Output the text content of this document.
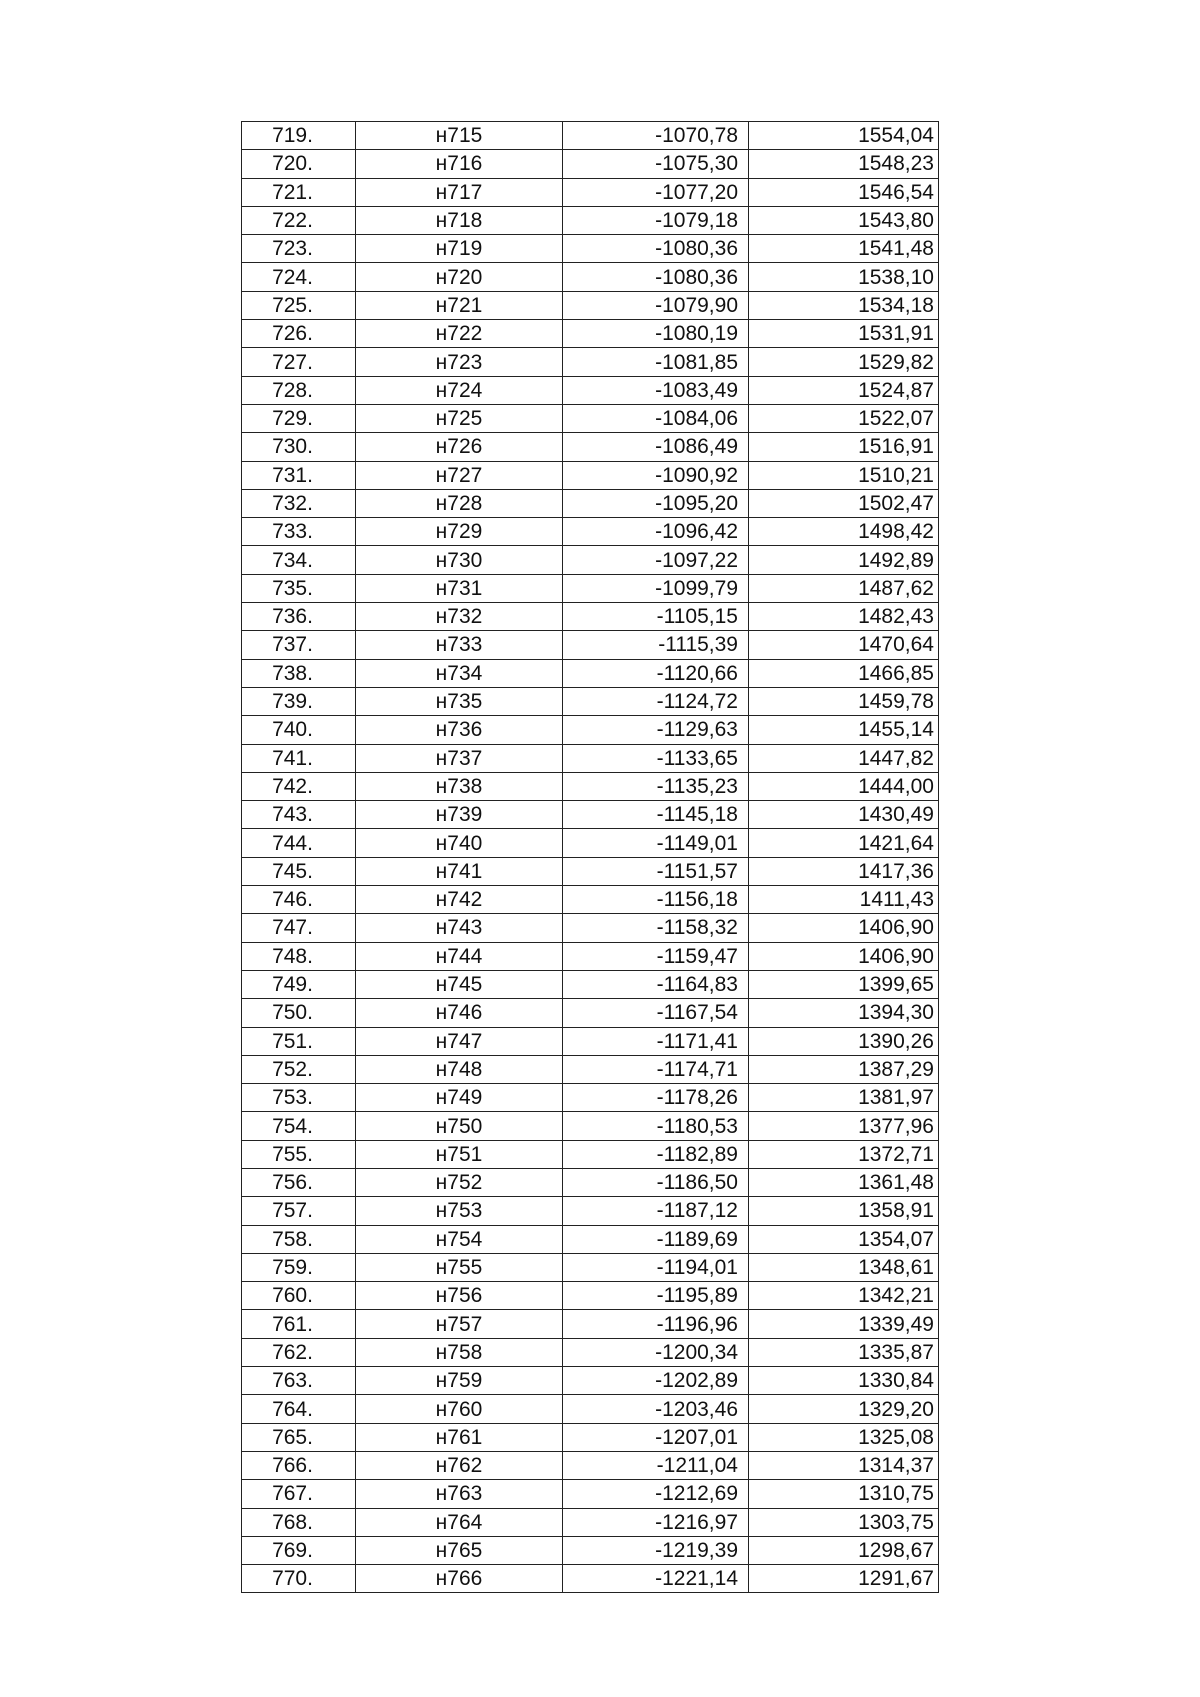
719.	н715	-1070,78	1554,04
720.	н716	-1075,30	1548,23
721.	н717	-1077,20	1546,54
722.	н718	-1079,18	1543,80
723.	н719	-1080,36	1541,48
724.	н720	-1080,36	1538,10
725.	н721	-1079,90	1534,18
726.	н722	-1080,19	1531,91
727.	н723	-1081,85	1529,82
728.	н724	-1083,49	1524,87
729.	н725	-1084,06	1522,07
730.	н726	-1086,49	1516,91
731.	н727	-1090,92	1510,21
732.	н728	-1095,20	1502,47
733.	н729	-1096,42	1498,42
734.	н730	-1097,22	1492,89
735.	н731	-1099,79	1487,62
736.	н732	-1105,15	1482,43
737.	н733	-1115,39	1470,64
738.	н734	-1120,66	1466,85
739.	н735	-1124,72	1459,78
740.	н736	-1129,63	1455,14
741.	н737	-1133,65	1447,82
742.	н738	-1135,23	1444,00
743.	н739	-1145,18	1430,49
744.	н740	-1149,01	1421,64
745.	н741	-1151,57	1417,36
746.	н742	-1156,18	1411,43
747.	н743	-1158,32	1406,90
748.	н744	-1159,47	1406,90
749.	н745	-1164,83	1399,65
750.	н746	-1167,54	1394,30
751.	н747	-1171,41	1390,26
752.	н748	-1174,71	1387,29
753.	н749	-1178,26	1381,97
754.	н750	-1180,53	1377,96
755.	н751	-1182,89	1372,71
756.	н752	-1186,50	1361,48
757.	н753	-1187,12	1358,91
758.	н754	-1189,69	1354,07
759.	н755	-1194,01	1348,61
760.	н756	-1195,89	1342,21
761.	н757	-1196,96	1339,49
762.	н758	-1200,34	1335,87
763.	н759	-1202,89	1330,84
764.	н760	-1203,46	1329,20
765.	н761	-1207,01	1325,08
766.	н762	-1211,04	1314,37
767.	н763	-1212,69	1310,75
768.	н764	-1216,97	1303,75
769.	н765	-1219,39	1298,67
770.	н766	-1221,14	1291,67
